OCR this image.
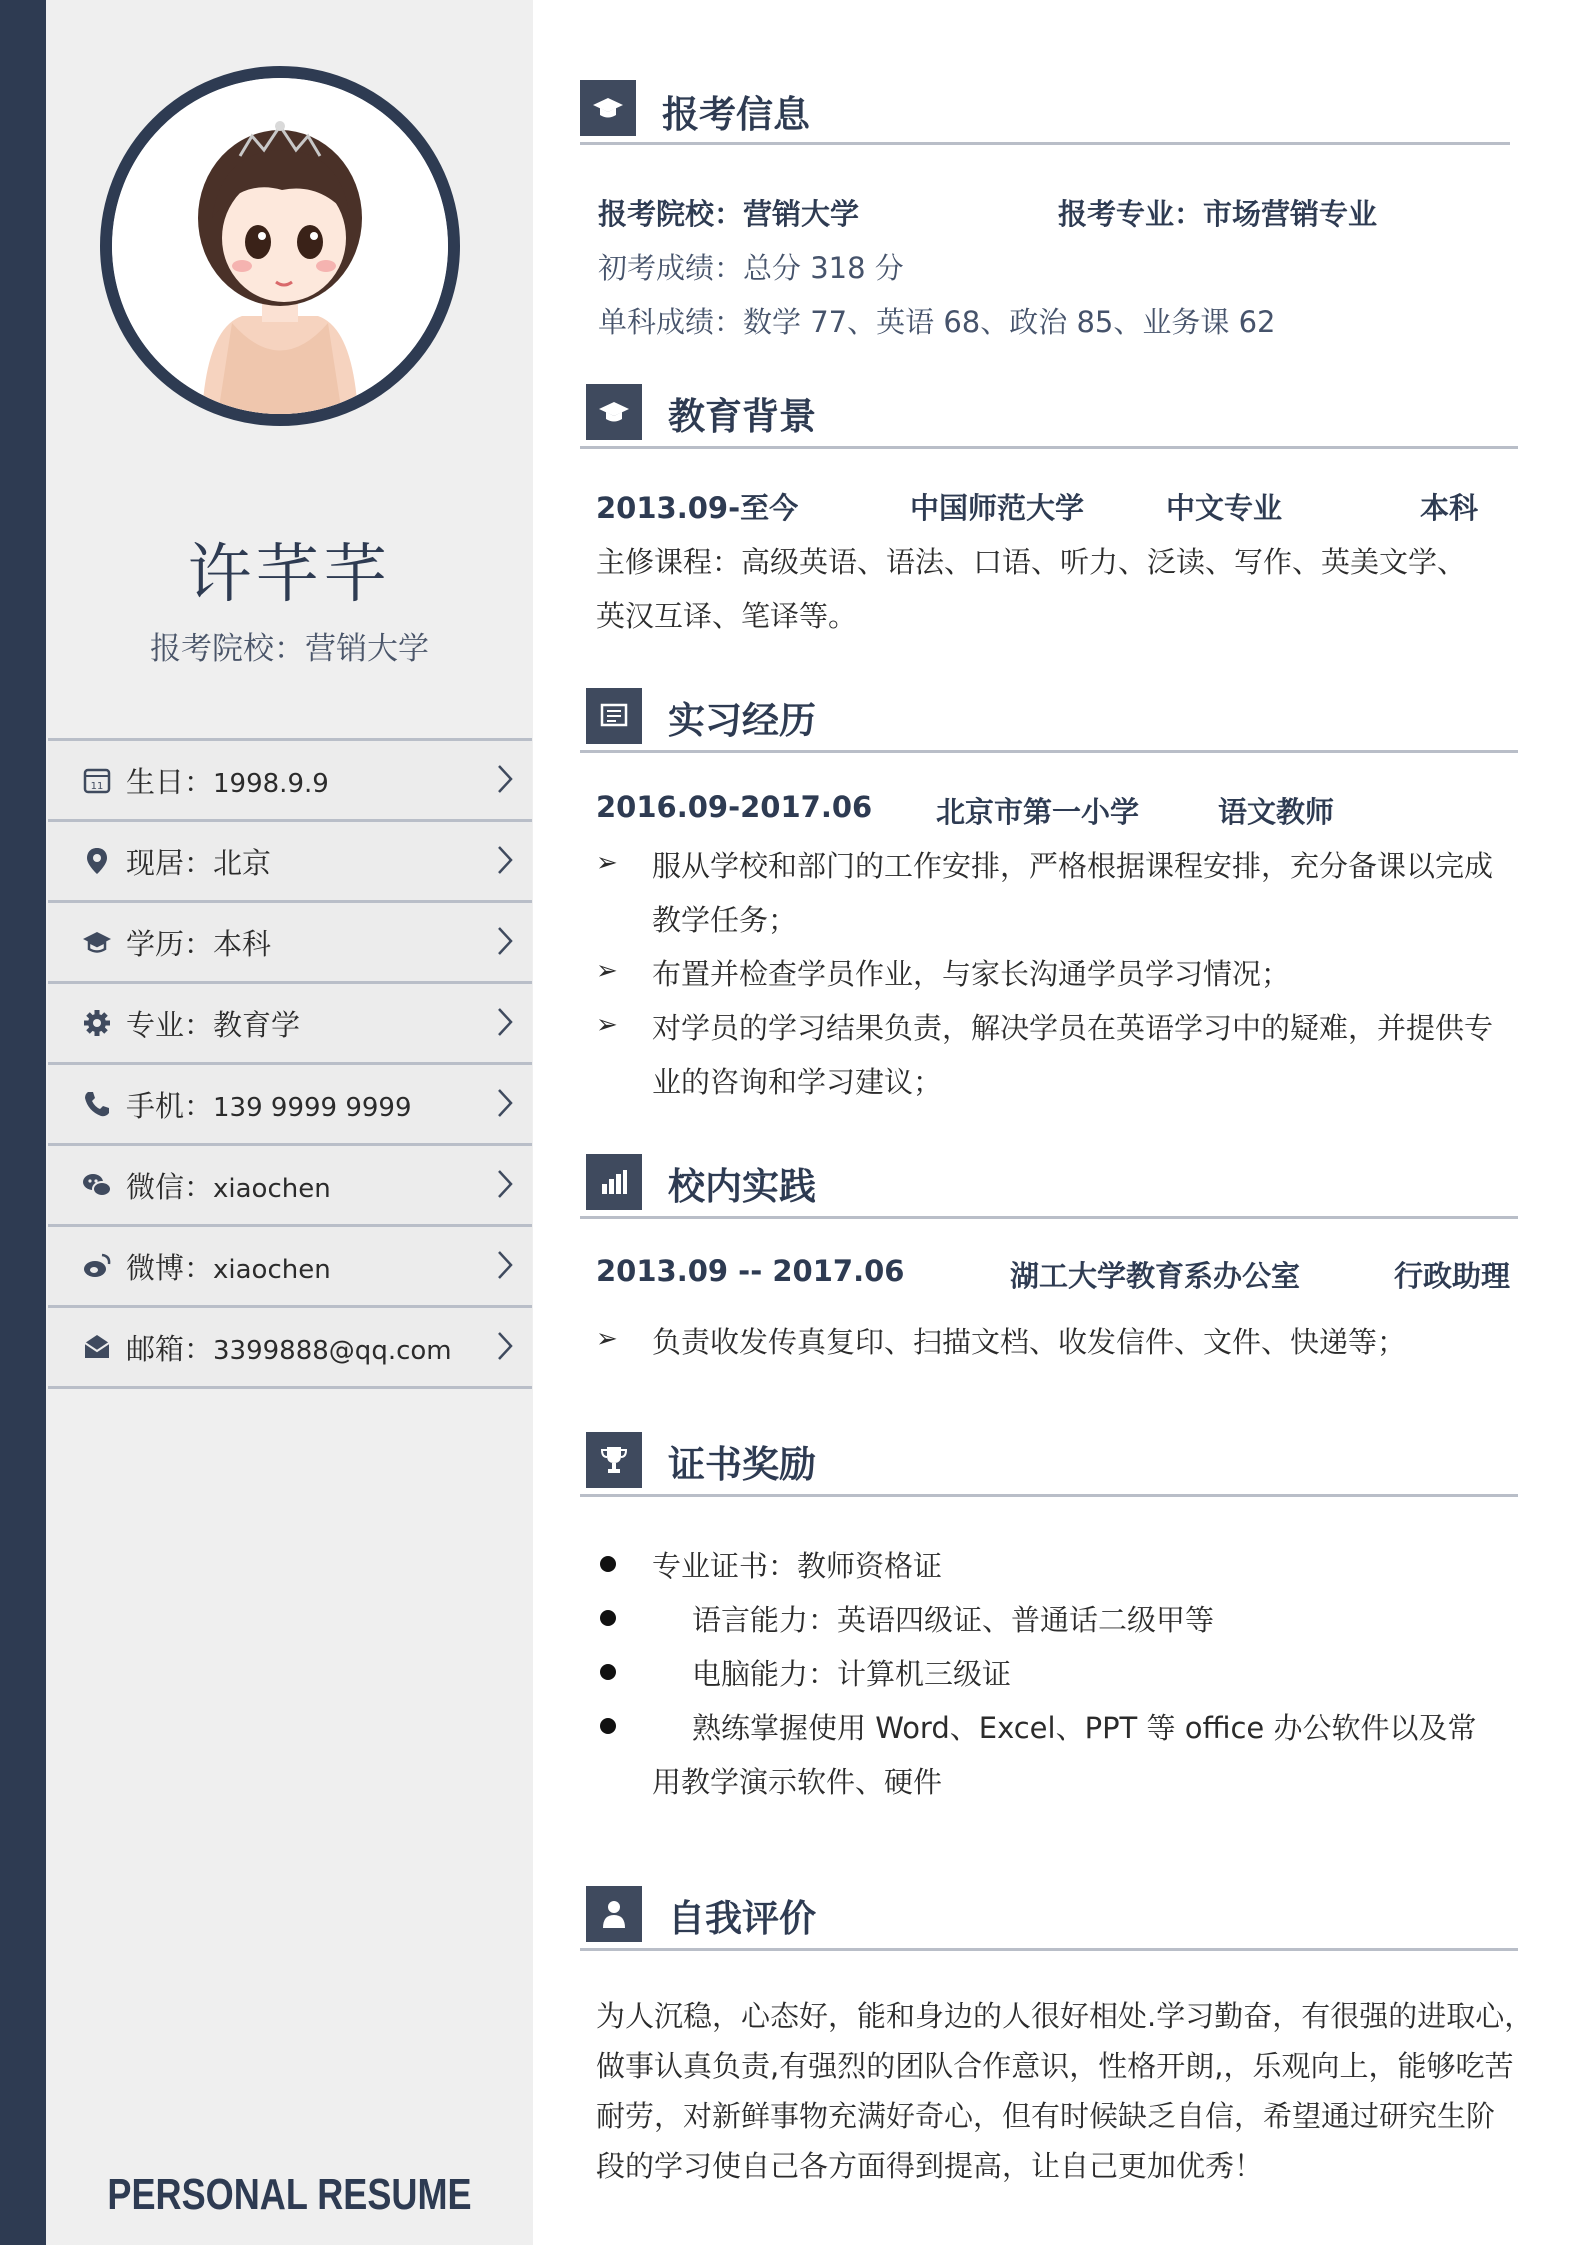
许芊芊
报考院校：营销大学
11 生日：1998.9.9
现居：北京
学历：本科
专业：教育学
手机：139 9999 9999
微信：xiaochen
微博：xiaochen
邮箱：3399888@qq.com
PERSONAL RESUME
报考信息
报考院校：营销大学	报考专业：市场营销专业
初考成绩：总分 318 分
单科成绩：数学 77、英语 68、政治 85、业务课 62
教育背景
2013.09-至今	中国师范大学	中文专业	本科
主修课程：高级英语、语法、口语、听力、泛读、写作、英美文学、
英汉互译、笔译等。
实习经历
2016.09-2017.06 北京市第一小学	语文教师
➢ 服从学校和部门的工作安排，严格根据课程安排，充分备课以完成
教学任务；
➢ 布置并检查学员作业，与家长沟通学员学习情况；
➢ 对学员的学习结果负责，解决学员在英语学习中的疑难，并提供专
业的咨询和学习建议；
校内实践
2013.09 -- 2017.06	湖工大学教育系办公室	行政助理
➢ 负责收发传真复印、扫描文档、收发信件、文件、快递等；
证书奖励
专业证书：教师资格证
语言能力：英语四级证、普通话二级甲等
电脑能力：计算机三级证
熟练掌握使用 Word、Excel、PPT 等 office 办公软件以及常
用教学演示软件、硬件
自我评价
为人沉稳，心态好，能和身边的人很好相处.学习勤奋，有很强的进取心，
做事认真负责,有强烈的团队合作意识，性格开朗,，乐观向上，能够吃苦
耐劳，对新鲜事物充满好奇心，但有时候缺乏自信，希望通过研究生阶
段的学习使自己各方面得到提高，让自己更加优秀！
